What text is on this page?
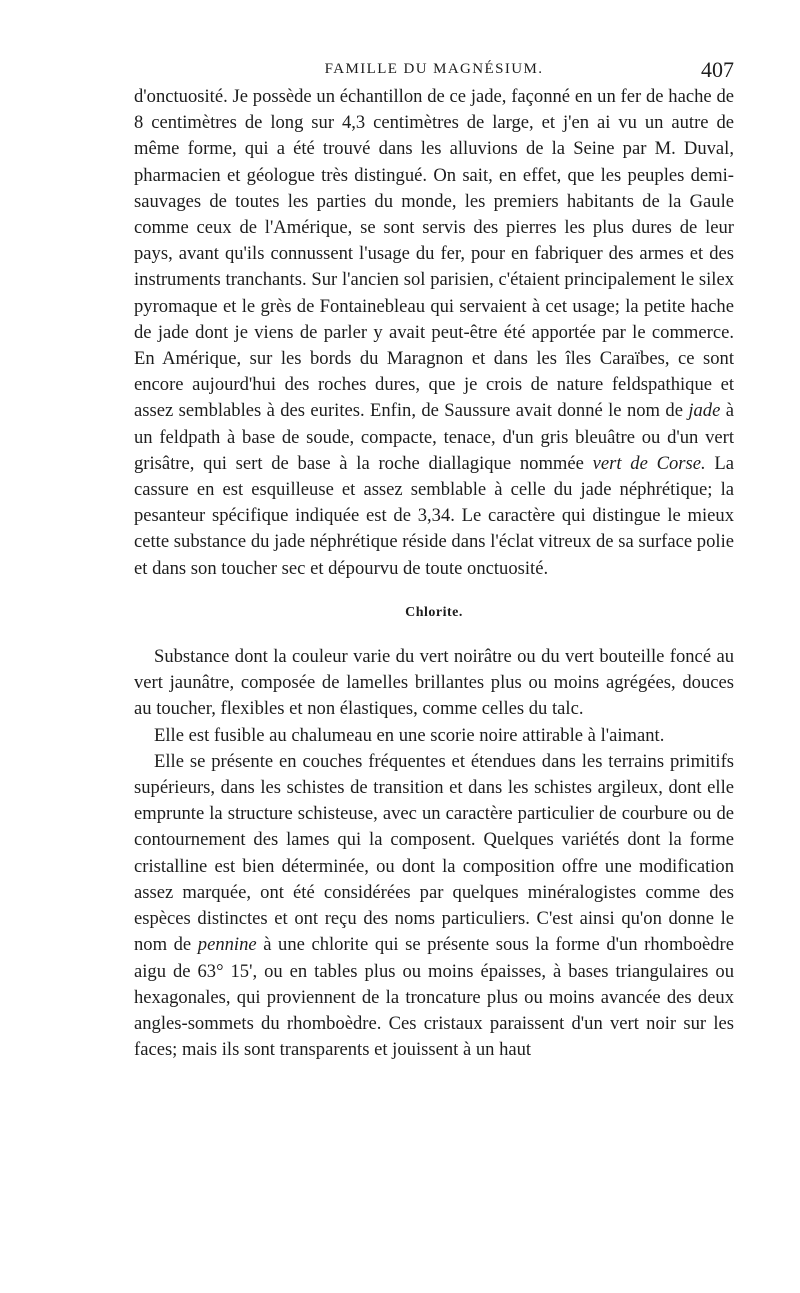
FAMILLE DU MAGNÉSIUM.	407

d'onctuosité. Je possède un échantillon de ce jade, façonné en un fer de hache de 8 centimètres de long sur 4,3 centimètres de large, et j'en ai vu un autre de même forme, qui a été trouvé dans les alluvions de la Seine par M. Duval, pharmacien et géologue très distingué. On sait, en effet, que les peuples demi-sauvages de toutes les parties du monde, les premiers habitants de la Gaule comme ceux de l'Amérique, se sont servis des pierres les plus dures de leur pays, avant qu'ils connussent l'usage du fer, pour en fabriquer des armes et des instruments tranchants. Sur l'ancien sol parisien, c'étaient principalement le silex pyromaque et le grès de Fontainebleau qui servaient à cet usage; la petite hache de jade dont je viens de parler y avait peut-être été apportée par le commerce. En Amérique, sur les bords du Maragnon et dans les îles Caraïbes, ce sont encore aujourd'hui des roches dures, que je crois de nature feldspathique et assez semblables à des eurites. Enfin, de Saussure avait donné le nom de jade à un feldpath à base de soude, compacte, tenace, d'un gris bleuâtre ou d'un vert grisâtre, qui sert de base à la roche diallagique nommée vert de Corse. La cassure en est esquilleuse et assez semblable à celle du jade néphrétique; la pesanteur spécifique indiquée est de 3,34. Le caractère qui distingue le mieux cette substance du jade néphrétique réside dans l'éclat vitreux de sa surface polie et dans son toucher sec et dépourvu de toute onctuosité.

Chlorite.

Substance dont la couleur varie du vert noirâtre ou du vert bouteille foncé au vert jaunâtre, composée de lamelles brillantes plus ou moins agrégées, douces au toucher, flexibles et non élastiques, comme celles du talc.

Elle est fusible au chalumeau en une scorie noire attirable à l'aimant.

Elle se présente en couches fréquentes et étendues dans les terrains primitifs supérieurs, dans les schistes de transition et dans les schistes argileux, dont elle emprunte la structure schisteuse, avec un caractère particulier de courbure ou de contournement des lames qui la composent. Quelques variétés dont la forme cristalline est bien déterminée, ou dont la composition offre une modification assez marquée, ont été considérées par quelques minéralogistes comme des espèces distinctes et ont reçu des noms particuliers. C'est ainsi qu'on donne le nom de pennine à une chlorite qui se présente sous la forme d'un rhomboèdre aigu de 63° 15', ou en tables plus ou moins épaisses, à bases triangulaires ou hexagonales, qui proviennent de la troncature plus ou moins avancée des deux angles-sommets du rhomboèdre. Ces cristaux paraissent d'un vert noir sur les faces; mais ils sont transparents et jouissent à un haut
